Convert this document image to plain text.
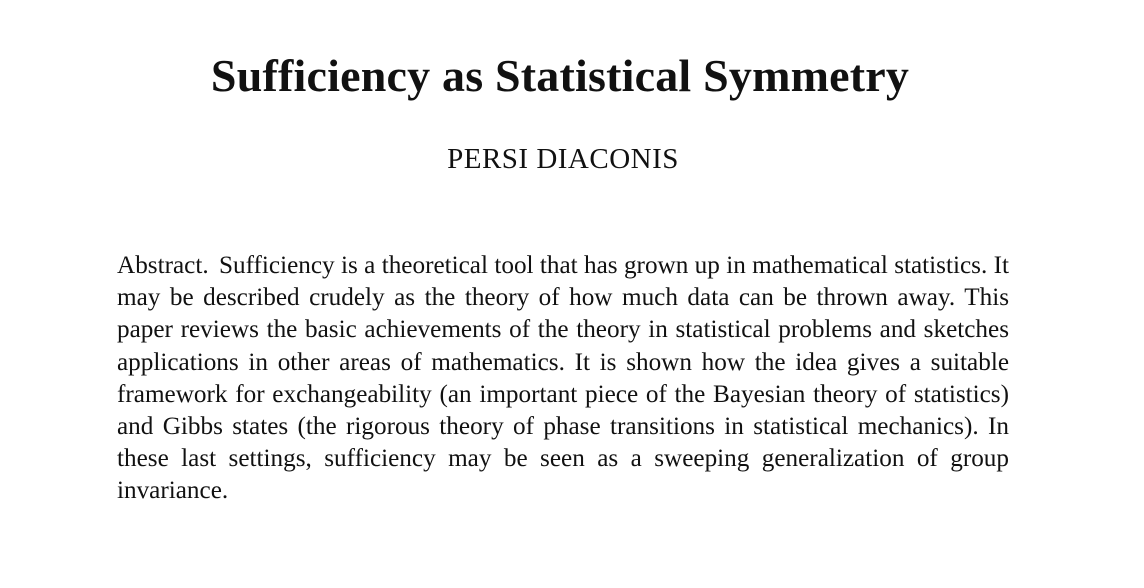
Sufficiency as Statistical Symmetry
PERSI DIACONIS

Abstract. Sufficiency is a theoretical tool that has grown up in mathematical statistics. It may be described crudely as the theory of how much data can be thrown away. This paper reviews the basic achievements of the theory in statistical problems and sketches applications in other areas of mathematics. It is shown how the idea gives a suitable framework for exchangeability (an important piece of the Bayesian theory of statistics) and Gibbs states (the rigorous theory of phase transitions in statistical mechanics). In these last settings, sufficiency may be seen as a sweeping generalization of group invariance.
